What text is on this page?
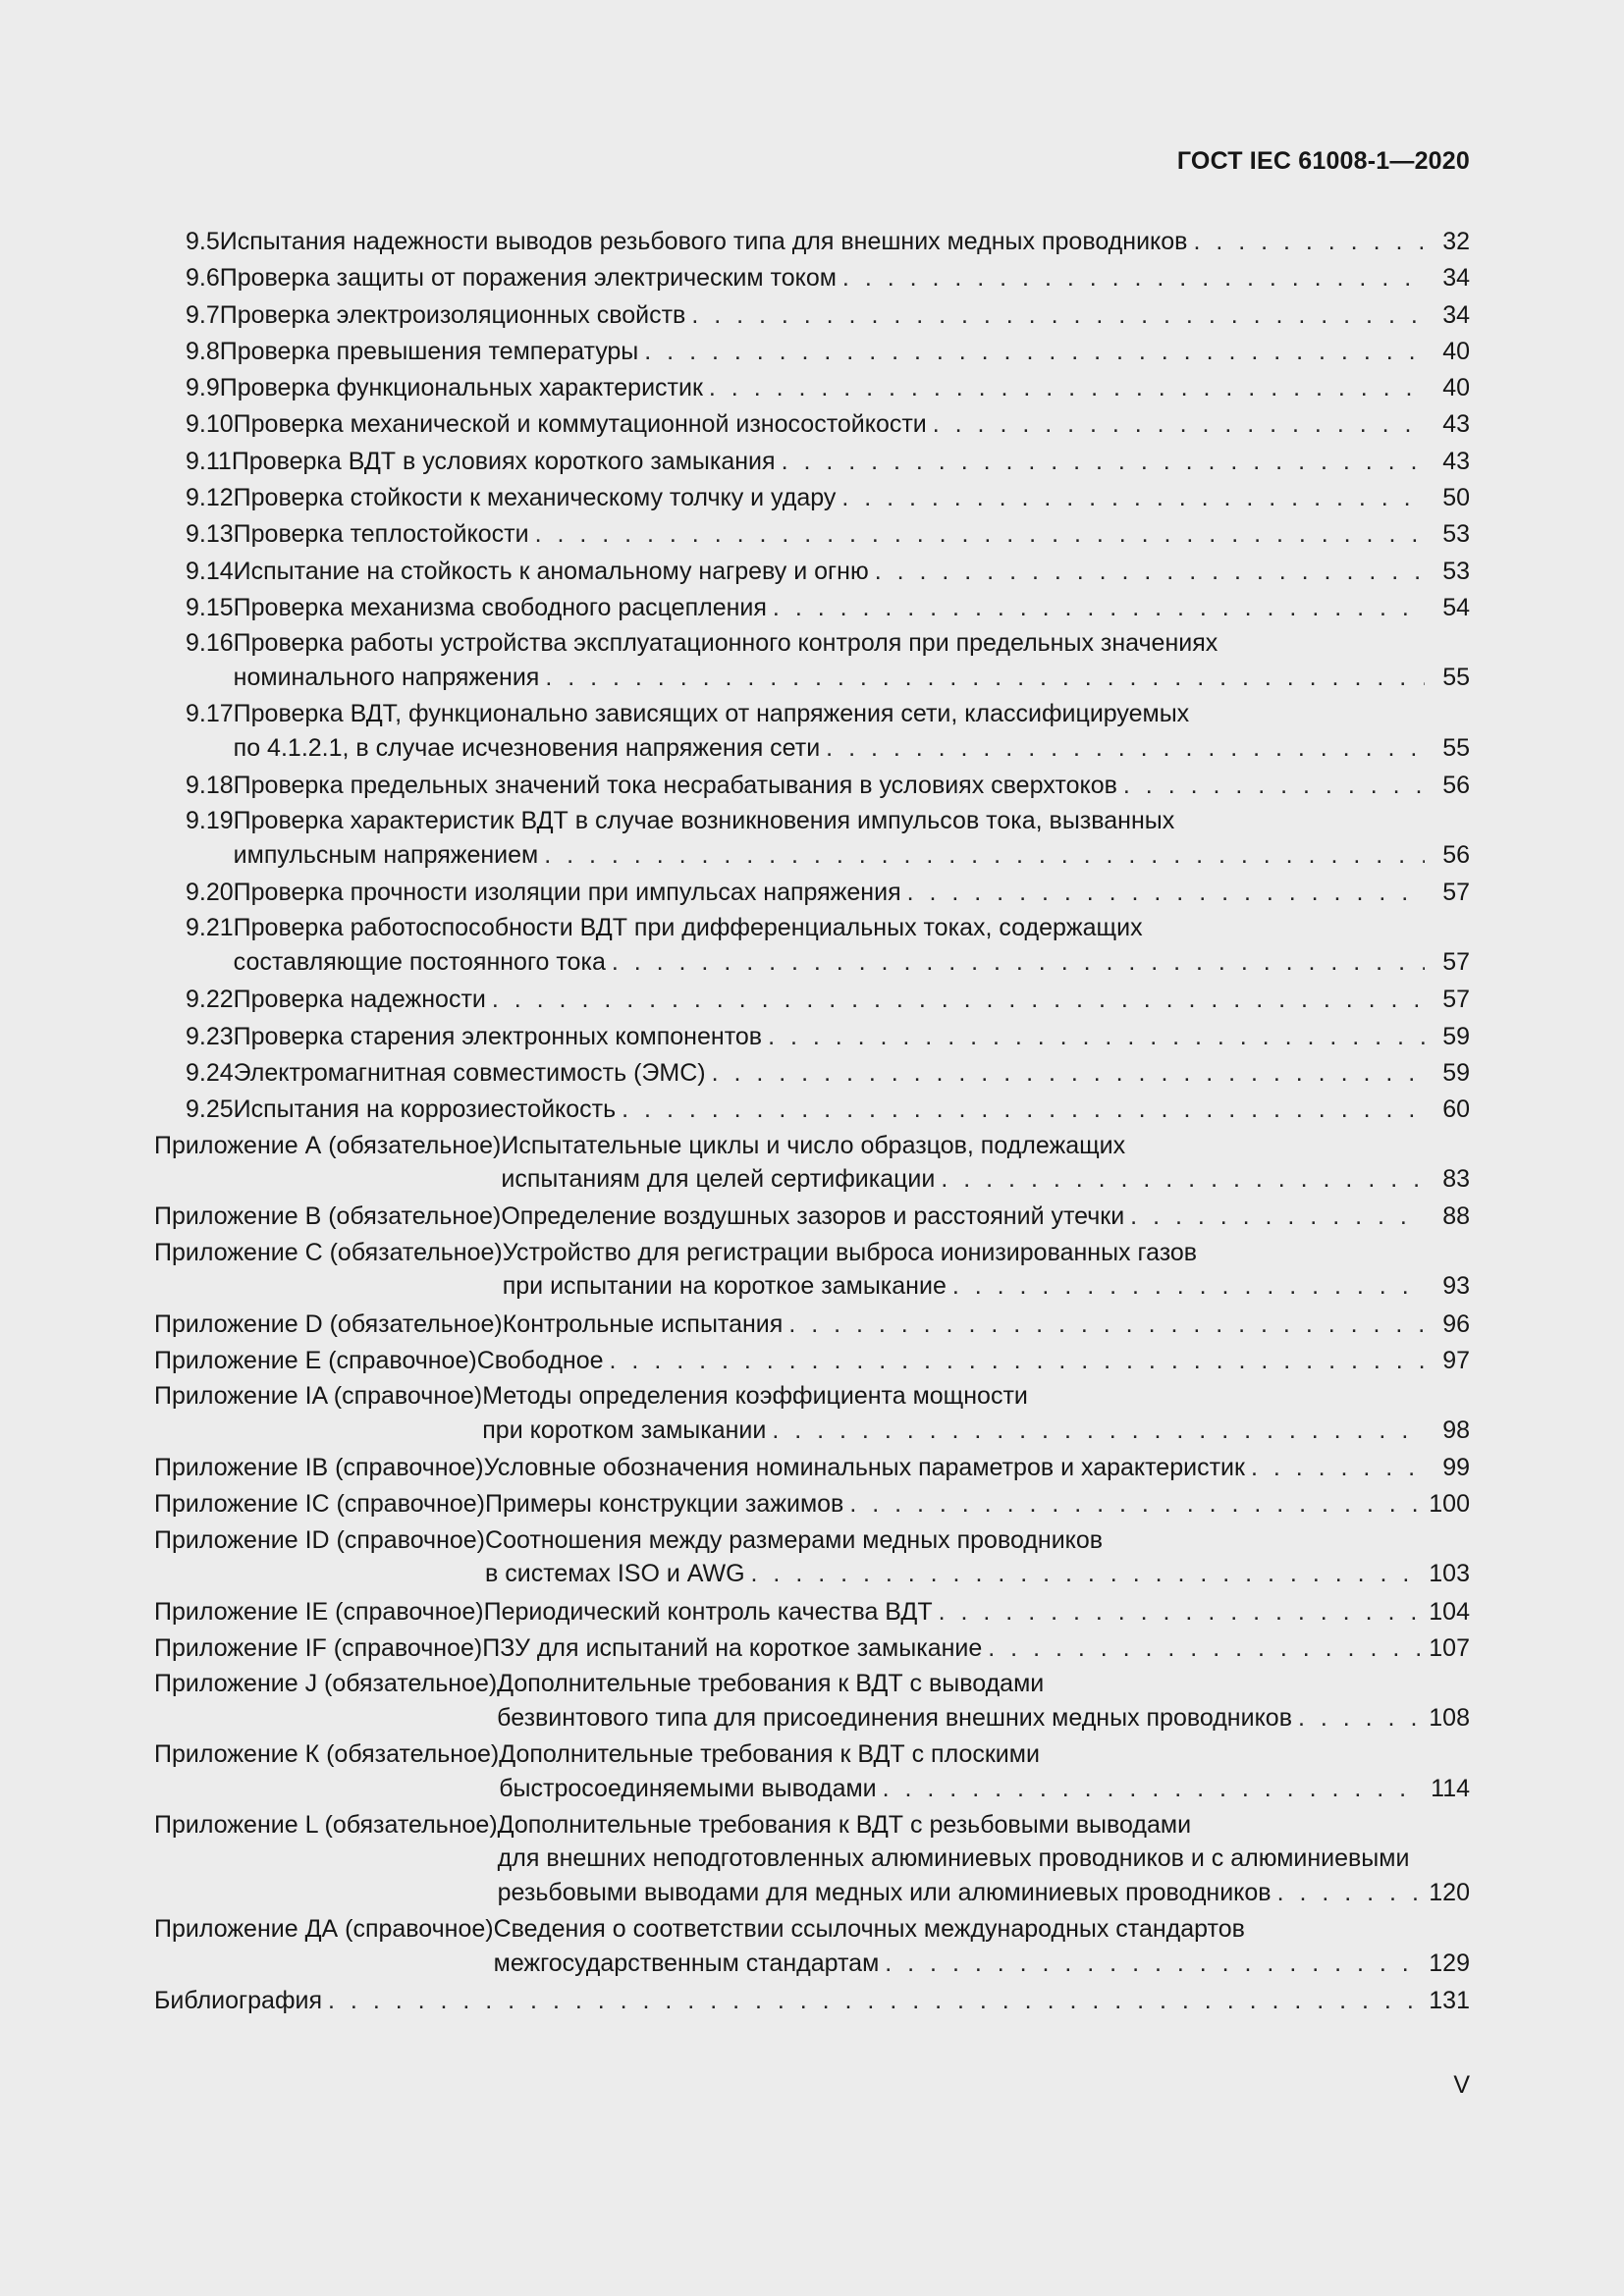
ГОСТ IEC 61008-1—2020
9.5 Испытания надежности выводов резьбового типа для внешних медных проводников . . .	32
9.6 Проверка защиты от поражения электрическим током . . .	34
9.7 Проверка электроизоляционных свойств . . .	34
9.8 Проверка превышения температуры . . .	40
9.9 Проверка функциональных характеристик . . .	40
9.10 Проверка механической и коммутационной износостойкости . . .	43
9.11 Проверка ВДТ в условиях короткого замыкания . . .	43
9.12 Проверка стойкости к механическому толчку и удару . . .	50
9.13 Проверка теплостойкости . . .	53
9.14 Испытание на стойкость к аномальному нагреву и огню . . .	53
9.15 Проверка механизма свободного расцепления . . .	54
9.16 Проверка работы устройства эксплуатационного контроля при предельных значениях
номинального напряжения . . .	55
9.17 Проверка ВДТ, функционально зависящих от напряжения сети, классифицируемых
по 4.1.2.1, в случае исчезновения напряжения сети . . .	55
9.18 Проверка предельных значений тока несрабатывания в условиях сверхтоков . . .	56
9.19 Проверка характеристик ВДТ в случае возникновения импульсов тока, вызванных
импульсным напряжением . . .	56
9.20 Проверка прочности изоляции при импульсах напряжения . . .	57
9.21 Проверка работоспособности ВДТ при дифференциальных токах, содержащих
составляющие постоянного тока . . .	57
9.22 Проверка надежности . . .	57
9.23 Проверка старения электронных компонентов . . .	59
9.24 Электромагнитная совместимость (ЭМС) . . .	59
9.25 Испытания на коррозиестойкость . . .	60
Приложение А (обязательное) Испытательные циклы и число образцов, подлежащих
испытаниям для целей сертификации . . .	83
Приложение В (обязательное) Определение воздушных зазоров и расстояний утечки . . .	88
Приложение С (обязательное) Устройство для регистрации выброса ионизированных газов
при испытании на короткое замыкание . . .	93
Приложение D (обязательное) Контрольные испытания . . .	96
Приложение Е (справочное) Свободное . . .	97
Приложение IA (справочное) Методы определения коэффициента мощности
при коротком замыкании . . .	98
Приложение IB (справочное) Условные обозначения номинальных параметров и характеристик . . .	99
Приложение IC (справочное) Примеры конструкции зажимов . . .	100
Приложение ID (справочное) Соотношения между размерами медных проводников
в системах ISO и AWG . . .	103
Приложение IE (справочное) Периодический контроль качества ВДТ . . .	104
Приложение IF (справочное) ПЗУ для испытаний на короткое замыкание . . .	107
Приложение J (обязательное) Дополнительные требования к ВДТ с выводами
безвинтового типа для присоединения внешних медных проводников . . .	108
Приложение К (обязательное) Дополнительные требования к ВДТ с плоскими
быстросоединяемыми выводами . . .	114
Приложение L (обязательное) Дополнительные требования к ВДТ с резьбовыми выводами
для внешних неподготовленных алюминиевых проводников и с алюминиевыми
резьбовыми выводами для медных или алюминиевых проводников . . .	120
Приложение ДА (справочное) Сведения о соответствии ссылочных международных стандартов
межгосударственным стандартам . . .	129
Библиография . . .	131
V
